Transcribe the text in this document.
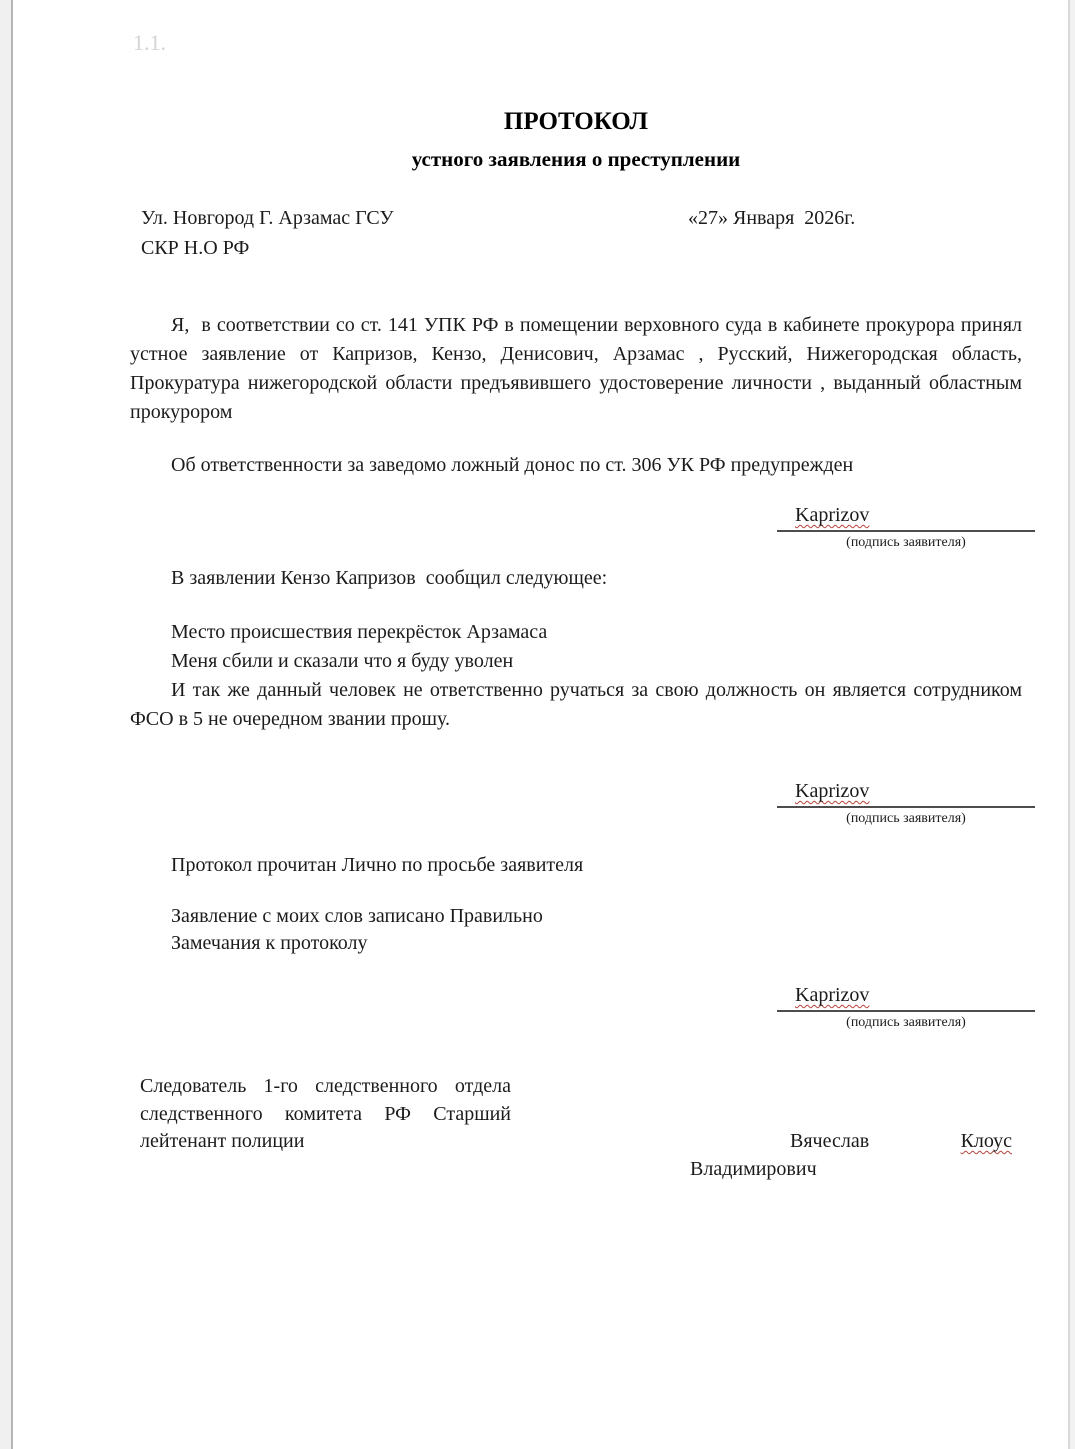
1.1.
ПРОТОКОЛ
устного заявления о преступлении
Ул. Новгород Г. Арзамас ГСУ
СКР Н.О РФ
«27» Января  2026г.

Я,  в соответствии со ст. 141 УПК РФ в помещении верховного суда в кабинете прокурора принял устное заявление от Капризов, Кензо, Денисович, Арзамас , Русский, Нижегородская область, Прокуратура нижегородской области предъявившего удостоверение личности , выданный областным прокурором

Об ответственности за заведомо ложный донос по ст. 306 УК РФ предупрежден

Kaprizov
(подпись заявителя)

В заявлении Кензо Капризов  сообщил следующее:

Место происшествия перекрёсток Арзамаса

Меня сбили и сказали что я буду уволен

И так же данный человек не ответственно ручаться за свою должность он является сотрудником ФСО в 5 не очередном звании прошу.

Kaprizov
(подпись заявителя)

Протокол прочитан Лично по просьбе заявителя

Заявление с моих слов записано Правильно

Замечания к протоколу

Kaprizov
(подпись заявителя)

Следователь 1-го следственного отдела следственного комитета РФ Старший лейтенант полиции	Вячеслав	Клоус Владимирович
